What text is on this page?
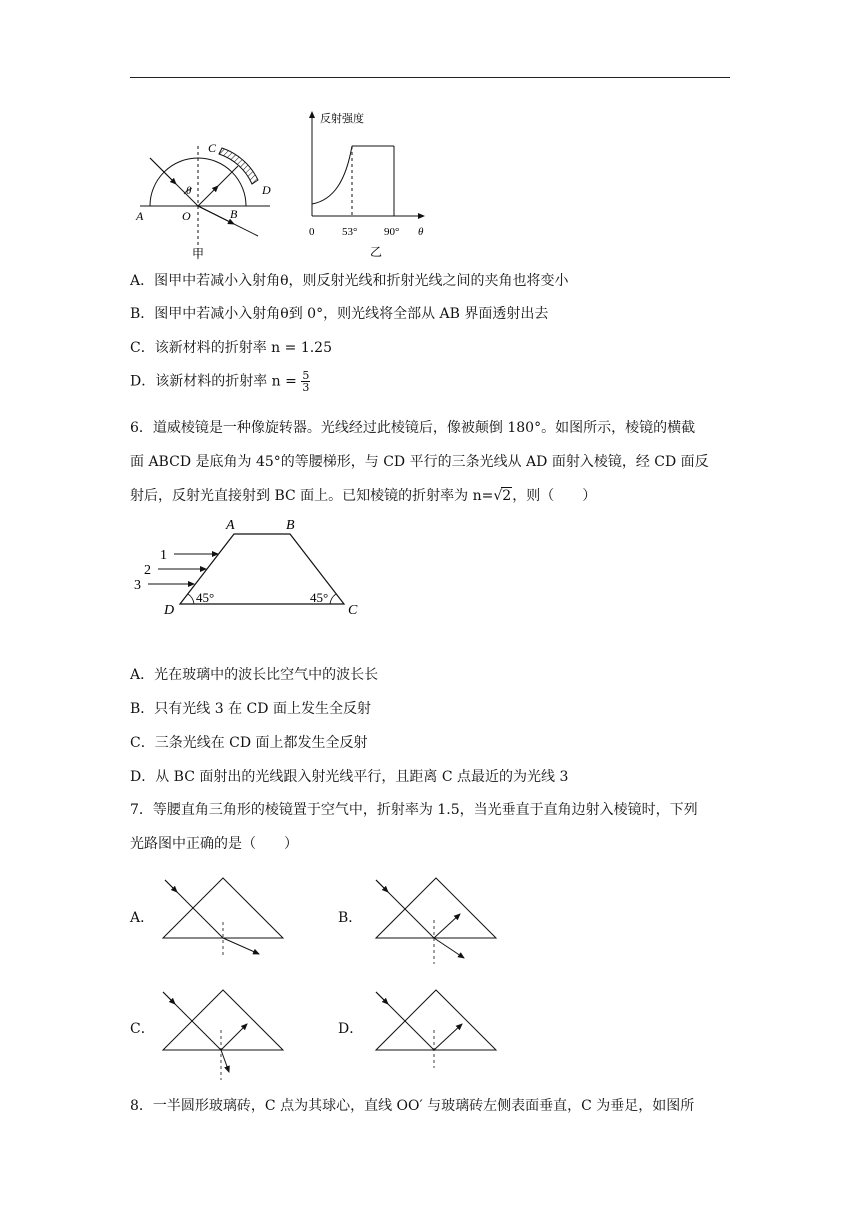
A	O	B
C
D
θ
甲
反射强度
0	53° 90° θ
乙
A．图甲中若减小入射角θ，则反射光线和折射光线之间的夹角也将变小
B．图甲中若减小入射角θ到 0°，则光线将全部从 AB 界面透射出去
C．该新材料的折射率 n = 1.25
D．该新材料的折射率 $n = \frac{5}{3}$
6．道威棱镜是一种像旋转器。光线经过此棱镜后，像被颠倒 180°。如图所示，棱镜的横截
面 ABCD 是底角为 45°的等腰梯形，与 CD 平行的三条光线从 AD 面射入棱镜，经 CD 面反
射后，反射光直接射到 BC 面上。已知棱镜的折射率为 n=√2，则（　　）
A	B
D	C
45°	45°
1
2
3
A．光在玻璃中的波长比空气中的波长长
B．只有光线 3 在 CD 面上发生全反射
C．三条光线在 CD 面上都发生全反射
D．从 BC 面射出的光线跟入射光线平行，且距离 C 点最近的为光线 3
7．等腰直角三角形的棱镜置于空气中，折射率为 1.5，当光垂直于直角边射入棱镜时，下列
光路图中正确的是（　　）
A．	B．
C．	D．
8．一半圆形玻璃砖，C 点为其球心，直线 OO′ 与玻璃砖左侧表面垂直，C 为垂足，如图所
